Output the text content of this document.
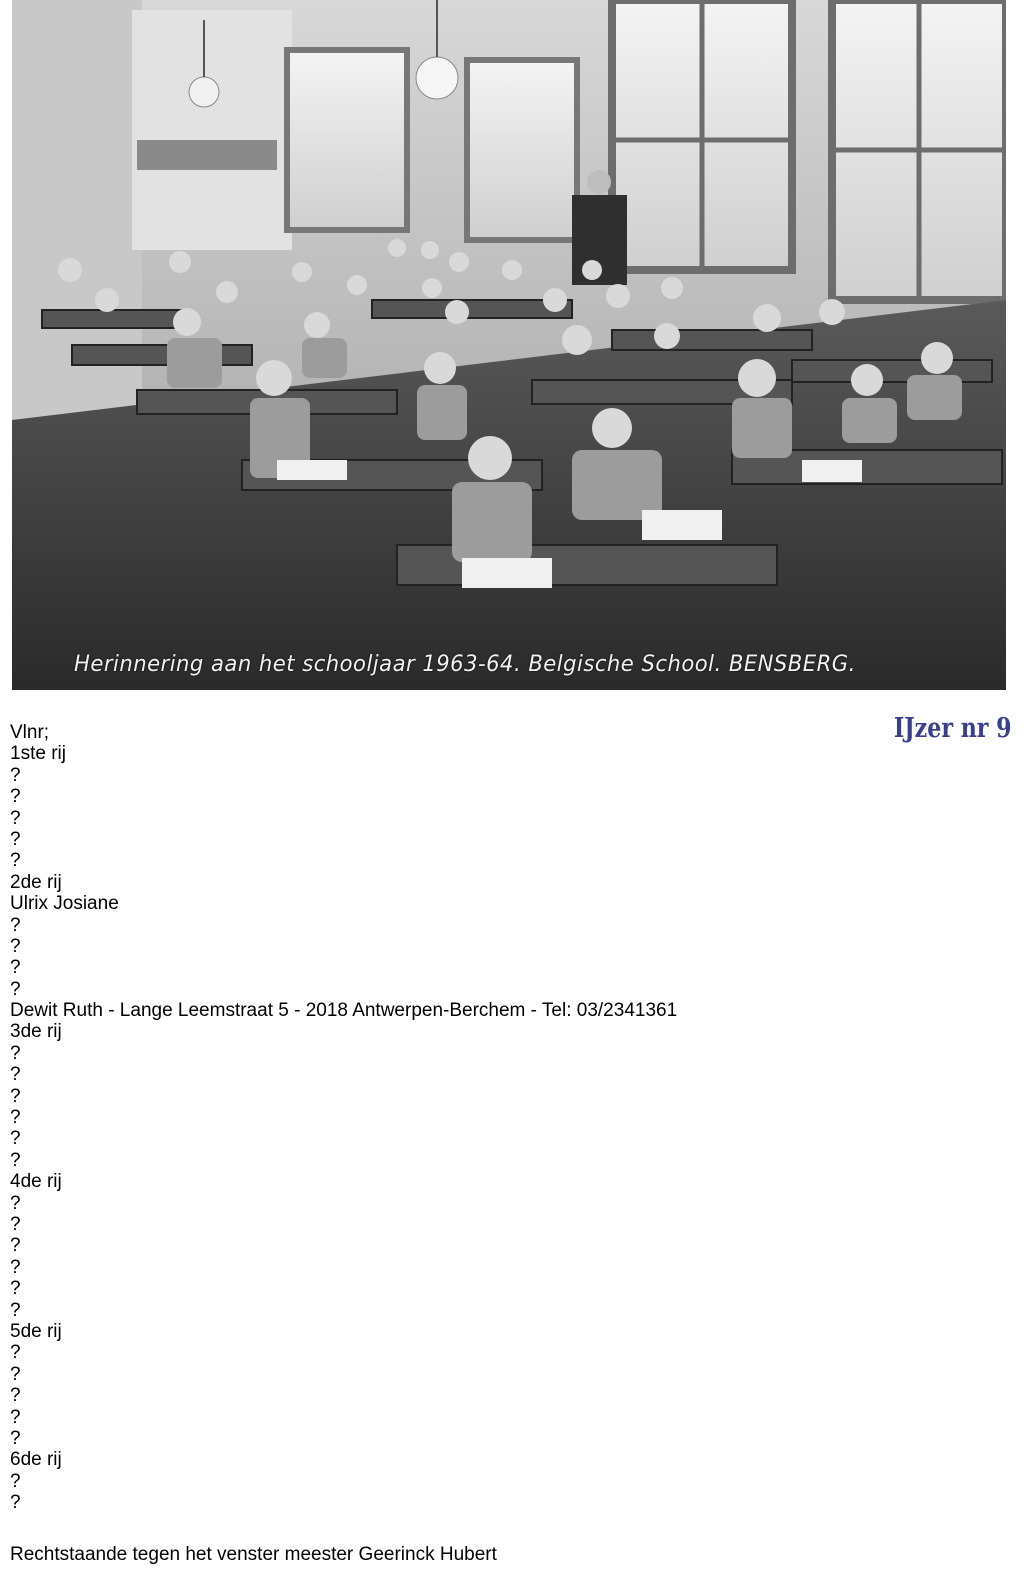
Herinnering aan het schooljaar 1963-64. Belgische School. BENSBERG.
IJzer nr 9
Vlnr;
1ste rij
?
?
?
?
?
2de rij
Ulrix Josiane
?
?
?
?
Dewit Ruth - Lange Leemstraat 5 - 2018 Antwerpen-Berchem - Tel: 03/2341361
3de rij
?
?
?
?
?
?
4de rij
?
?
?
?
?
?
5de rij
?
?
?
?
?
6de rij
?
?
Rechtstaande tegen het venster meester Geerinck Hubert
